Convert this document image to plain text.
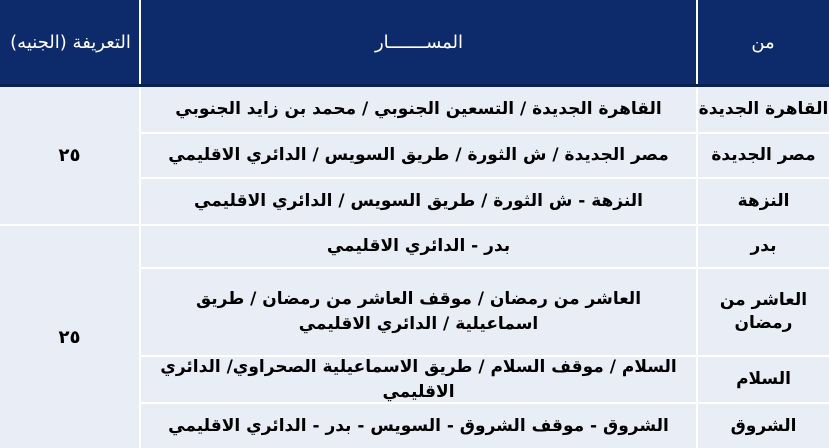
من
المســـــــار
التعريفة (الجنيه)
القاهرة الجديدة
القاهرة الجديدة / التسعين الجنوبي / محمد بن زايد الجنوبي
مصر الجديدة
مصر الجديدة / ش الثورة / طريق السويس / الدائري الاقليمي
النزهة
النزهة - ش الثورة / طريق السويس / الدائري الاقليمي
٢٥
بدر
بدر - الدائري الاقليمي
العاشر من رمضان
العاشر من رمضان / موقف العاشر من رمضان / طريق اسماعيلية / الدائري الاقليمي
السلام
السلام / موقف السلام / طريق الاسماعيلية الصحراوي/ الدائري الاقليمي
الشروق
الشروق - موقف الشروق - السويس - بدر - الدائري الاقليمي
٢٥
